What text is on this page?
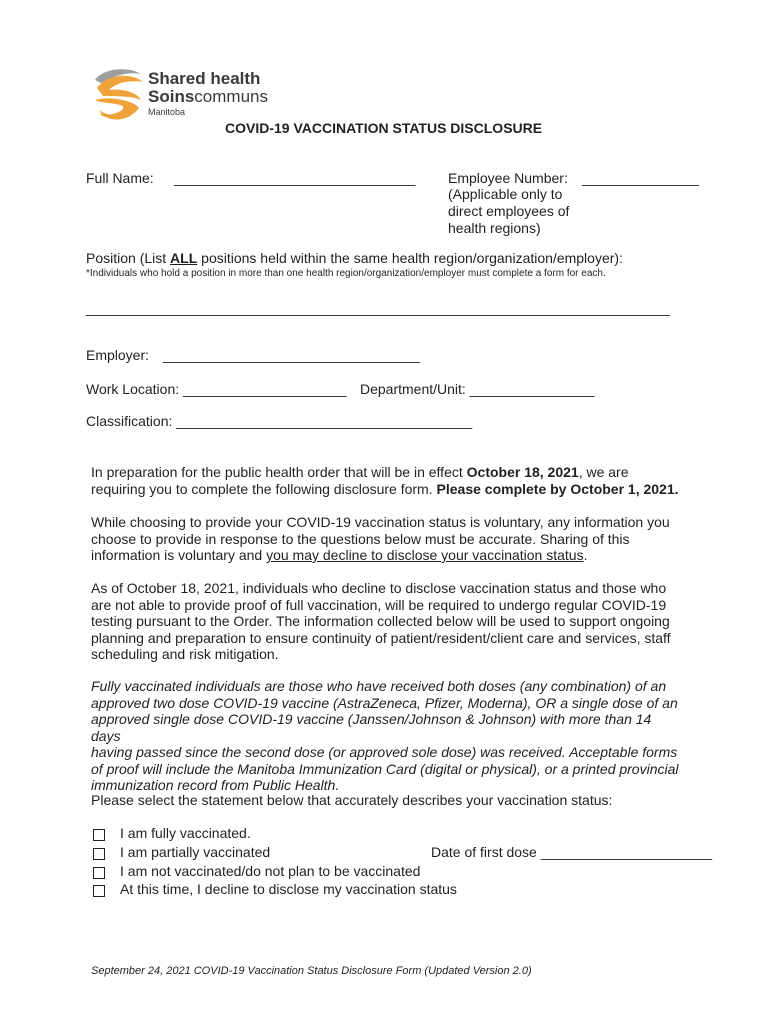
Shared health
Soinscommuns
Manitoba
COVID-19 VACCINATION STATUS DISCLOSURE
Full Name: _______________________________ Employee Number: _______________
(Applicable only to
direct employees of
health regions)
Position (List ALL positions held within the same health region/organization/employer):
*Individuals who hold a position in more than one health region/organization/employer must complete a form for each.
___________________________________________________________________________
Employer: _________________________________
Work Location: _____________________ Department/Unit: ________________
Classification: ______________________________________
In preparation for the public health order that will be in effect October 18, 2021, we are
requiring you to complete the following disclosure form. Please complete by October 1, 2021.
While choosing to provide your COVID-19 vaccination status is voluntary, any information you
choose to provide in response to the questions below must be accurate. Sharing of this
information is voluntary and you may decline to disclose your vaccination status.
As of October 18, 2021, individuals who decline to disclose vaccination status and those who
are not able to provide proof of full vaccination, will be required to undergo regular COVID-19
testing pursuant to the Order. The information collected below will be used to support ongoing
planning and preparation to ensure continuity of patient/resident/client care and services, staff
scheduling and risk mitigation.
Fully vaccinated individuals are those who have received both doses (any combination) of an
approved two dose COVID-19 vaccine (AstraZeneca, Pfizer, Moderna), OR a single dose of an
approved single dose COVID-19 vaccine (Janssen/Johnson & Johnson) with more than 14 days
having passed since the second dose (or approved sole dose) was received. Acceptable forms
of proof will include the Manitoba Immunization Card (digital or physical), or a printed provincial
immunization record from Public Health.
Please select the statement below that accurately describes your vaccination status:
I am fully vaccinated.
I am partially vaccinated	Date of first dose ______________________
I am not vaccinated/do not plan to be vaccinated
At this time, I decline to disclose my vaccination status
September 24, 2021 COVID-19 Vaccination Status Disclosure Form (Updated Version 2.0)
